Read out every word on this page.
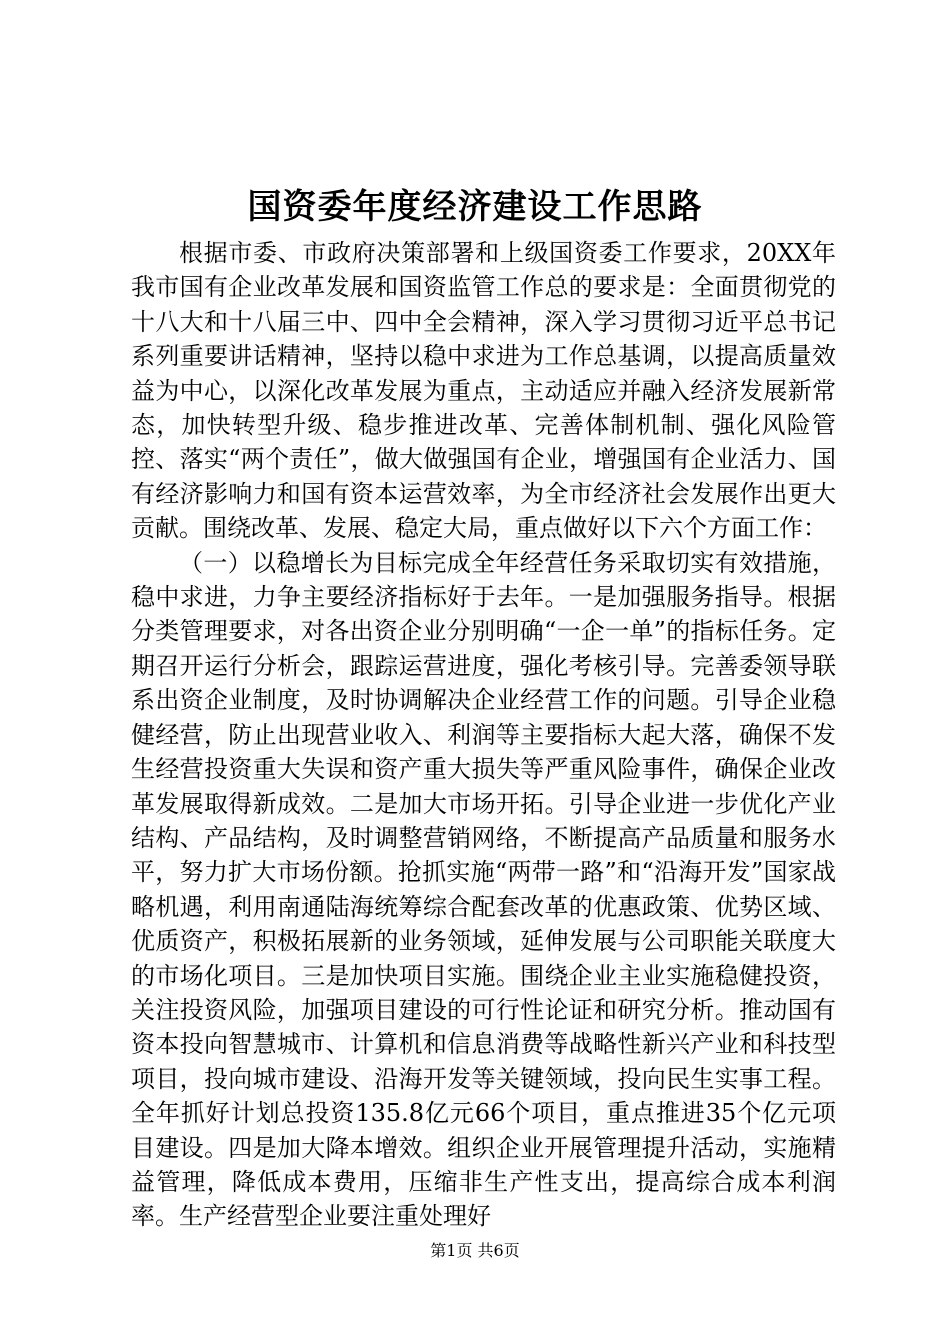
国资委年度经济建设工作思路

根据市委、市政府决策部署和上级国资委工作要求，20XX年我市国有企业改革发展和国资监管工作总的要求是：全面贯彻党的十八大和十八届三中、四中全会精神，深入学习贯彻习近平总书记系列重要讲话精神，坚持以稳中求进为工作总基调，以提高质量效益为中心，以深化改革发展为重点，主动适应并融入经济发展新常态，加快转型升级、稳步推进改革、完善体制机制、强化风险管控、落实“两个责任”，做大做强国有企业，增强国有企业活力、国有经济影响力和国有资本运营效率，为全市经济社会发展作出更大贡献。围绕改革、发展、稳定大局，重点做好以下六个方面工作：

（一）以稳增长为目标完成全年经营任务采取切实有效措施，稳中求进，力争主要经济指标好于去年。一是加强服务指导。根据分类管理要求，对各出资企业分别明确“一企一单”的指标任务。定期召开运行分析会，跟踪运营进度，强化考核引导。完善委领导联系出资企业制度，及时协调解决企业经营工作的问题。引导企业稳健经营，防止出现营业收入、利润等主要指标大起大落，确保不发生经营投资重大失误和资产重大损失等严重风险事件，确保企业改革发展取得新成效。二是加大市场开拓。引导企业进一步优化产业结构、产品结构，及时调整营销网络，不断提高产品质量和服务水平，努力扩大市场份额。抢抓实施“两带一路”和“沿海开发”国家战略机遇，利用南通陆海统筹综合配套改革的优惠政策、优势区域、优质资产，积极拓展新的业务领域，延伸发展与公司职能关联度大的市场化项目。三是加快项目实施。围绕企业主业实施稳健投资，关注投资风险，加强项目建设的可行性论证和研究分析。推动国有资本投向智慧城市、计算机和信息消费等战略性新兴产业和科技型项目，投向城市建设、沿海开发等关键领域，投向民生实事工程。全年抓好计划总投资135.8亿元66个项目，重点推进35个亿元项目建设。四是加大降本增效。组织企业开展管理提升活动，实施精益管理，降低成本费用，压缩非生产性支出，提高综合成本利润率。生产经营型企业要注重处理好

第1页 共6页
